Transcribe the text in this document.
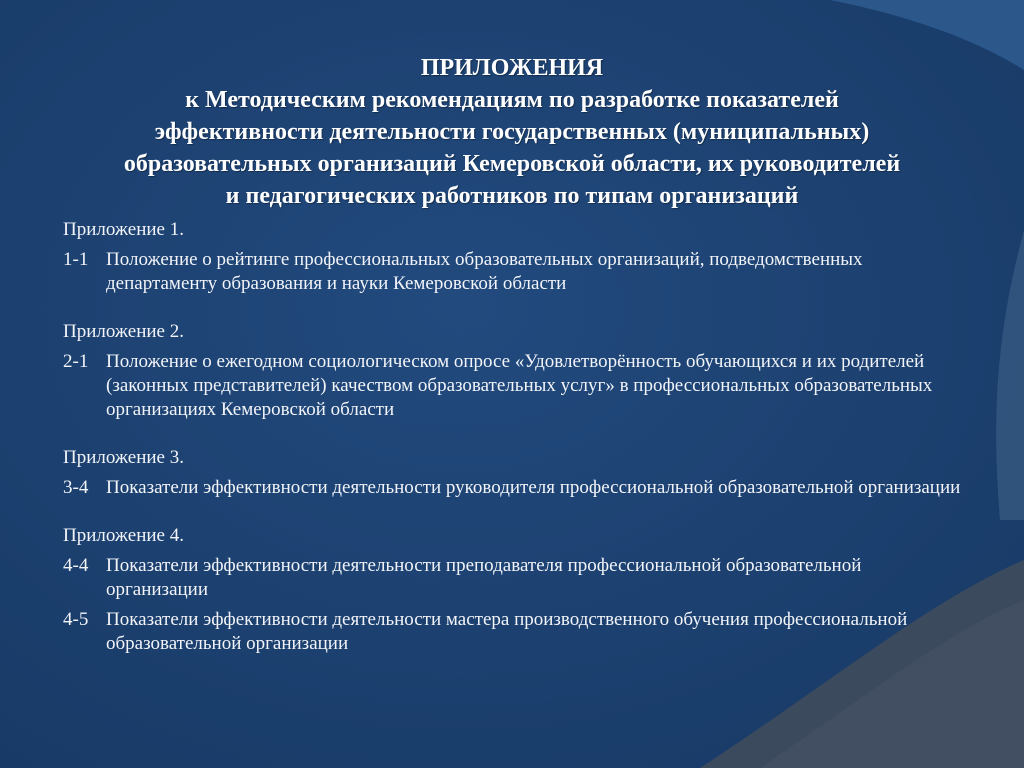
ПРИЛОЖЕНИЯ
к Методическим рекомендациям по разработке показателей
эффективности деятельности государственных (муниципальных)
образовательных организаций Кемеровской области, их руководителей
и педагогических работников по типам организаций
Приложение 1.
1-1 Положение о рейтинге профессиональных образовательных организаций, подведомственных департаменту образования и науки Кемеровской области
Приложение 2.
2-1 Положение о ежегодном социологическом опросе «Удовлетворённость обучающихся и их родителей (законных представителей) качеством образовательных услуг» в профессиональных образовательных организациях Кемеровской области
Приложение 3.
3-4 Показатели эффективности деятельности руководителя профессиональной образовательной организации
Приложение 4.
4-4 Показатели эффективности деятельности преподавателя профессиональной образовательной организации
4-5 Показатели эффективности деятельности мастера производственного обучения профессиональной образовательной организации
